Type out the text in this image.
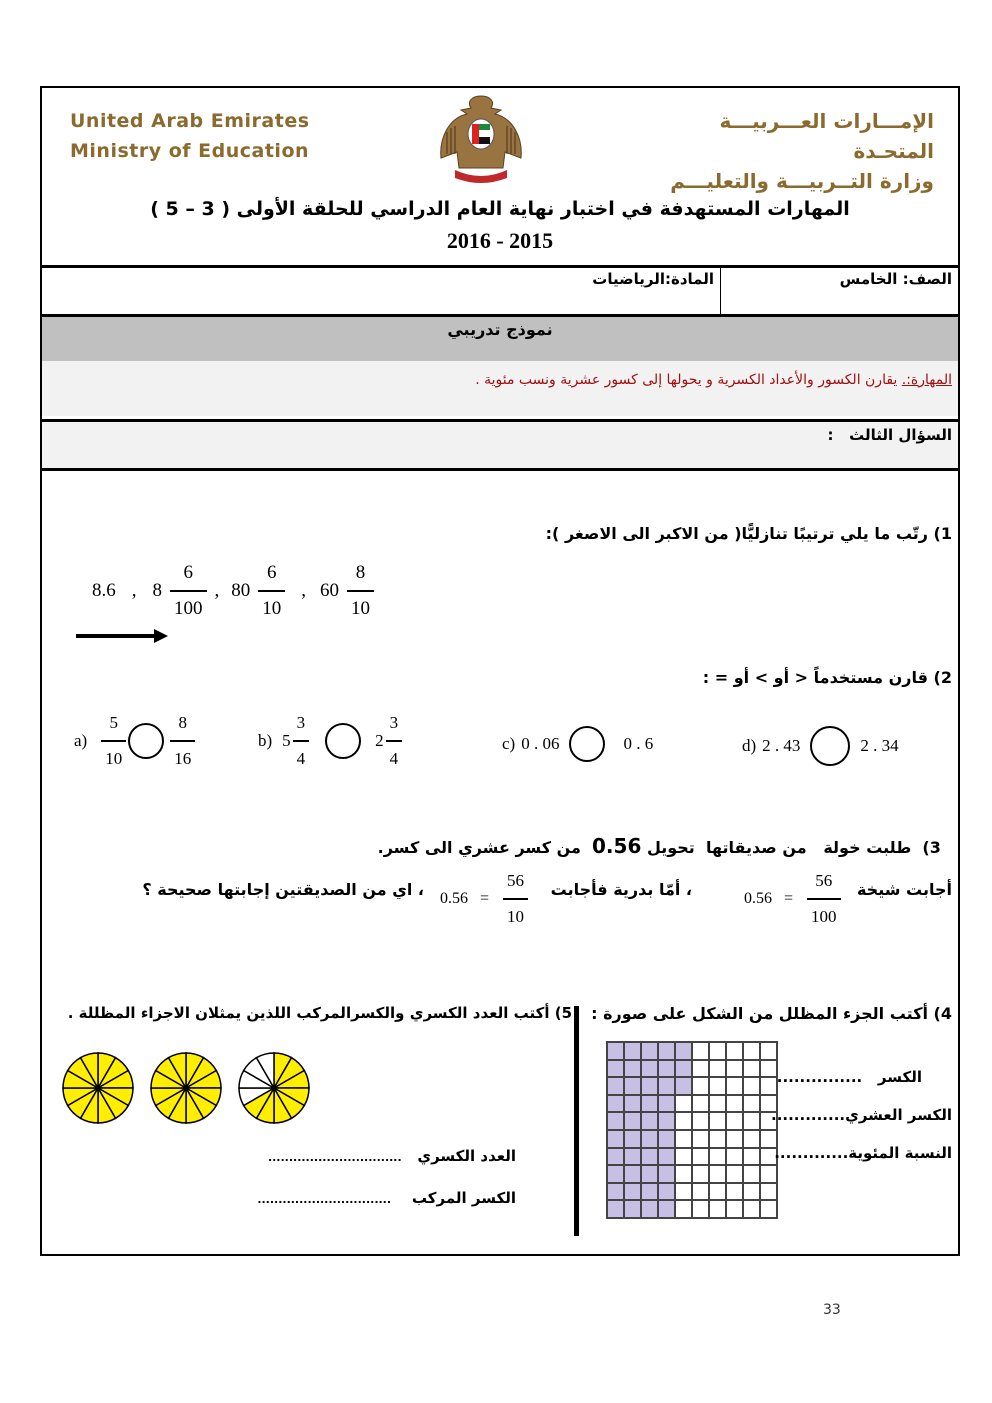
United Arab Emirates
Ministry of Education
الإمـــارات العـــربيـــة المتحـدة
وزارة التــربيـــة والتعليـــم
المهارات المستهدفة في اختبار نهاية العام الدراسي للحلقة الأولى ( 3 – 5 )
2016 - 2015
الصف: الخامس
المادة:الرياضيات
نموذج تدريبي
المهارة:. يقارن الكسور والأعداد الكسرية و يحولها إلى كسور عشرية ونسب مئوية .
السؤال الثالث   :
1) رتّب ما يلي ترتيبًا تنازليًّا( من الاكبر الى الاصغر ):
8.6 , $8 \frac{6}{100}$ , $80 \frac{6}{10}$ , $60 \frac{8}{10}$
2) قارن مستخدماً < أو > أو = :
$a) \frac{5}{10}$	$\frac{8}{16}$	b) $5 \frac{3}{4}$	$2 \frac{3}{4}$	c) 0 . 06	0 . 6	d) 2 . 43	2 . 34

3)  طلبت خولة   من صديقاتها  تحويل 0.56  من كسر عشري الى كسر.

أجابت شيخة
$0.56 = \frac{56}{100}$
، أمّا بدرية فأجابت
$0.56 = \frac{56}{10}$
، اي من الصديقتين إجابتها صحيحة ؟
4) أكتب الجزء المظلل من الشكل على صورة :
الكسر   ...............
الكسر العشري.............
النسبة المئوية.............
5) أكتب العدد الكسري والكسرالمركب اللذين يمثلان الاجزاء المظللة .
العدد الكسري   ................................
الكسر المركب    ................................
33
